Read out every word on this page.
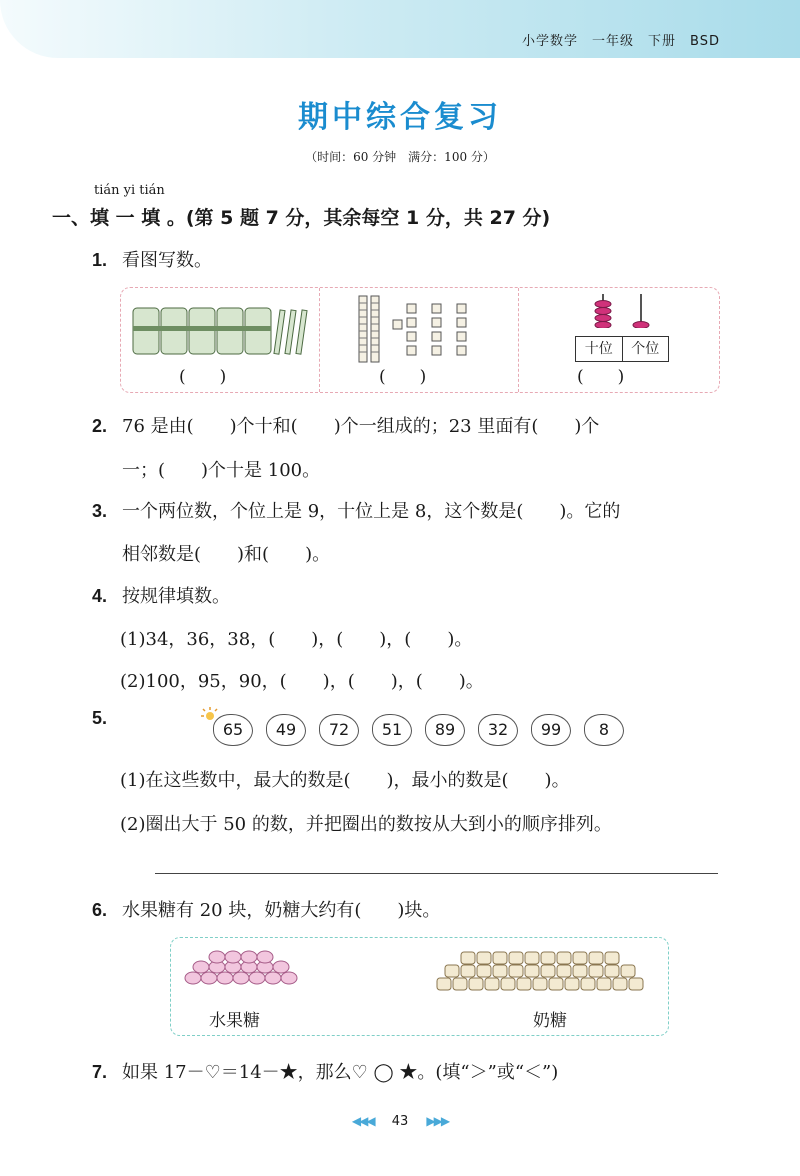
小学数学　一年级　下册　BSD
期中综合复习
（时间：60 分钟　满分：100 分）
tián yi tián
一、填 一 填 。(第 5 题 7 分，其余每空 1 分，共 27 分)
1. 看图写数。
(　　)	(　　)
十位	个位
(　　)
2. 76 是由(　　)个十和(　　)个一组成的；23 里面有(　　)个
一；(　　)个十是 100。
3. 一个两位数，个位上是 9，十位上是 8，这个数是(　　)。它的
相邻数是(　　)和(　　)。
4. 按规律填数。
(1)34，36，38，(　　)，(　　)，(　　)。
(2)100，95，90，(　　)，(　　)，(　　)。
5.
65 49 72 51 89 32 99 8
(1)在这些数中，最大的数是(　　)，最小的数是(　　)。
(2)圈出大于 50 的数，并把圈出的数按从大到小的顺序排列。
6. 水果糖有 20 块，奶糖大约有(　　)块。
水果糖	奶糖
7. 如果 17－♡＝14－★，那么♡ ◯ ★。(填“＞”或“＜”)
◀◀◀ 43 ▶▶▶
